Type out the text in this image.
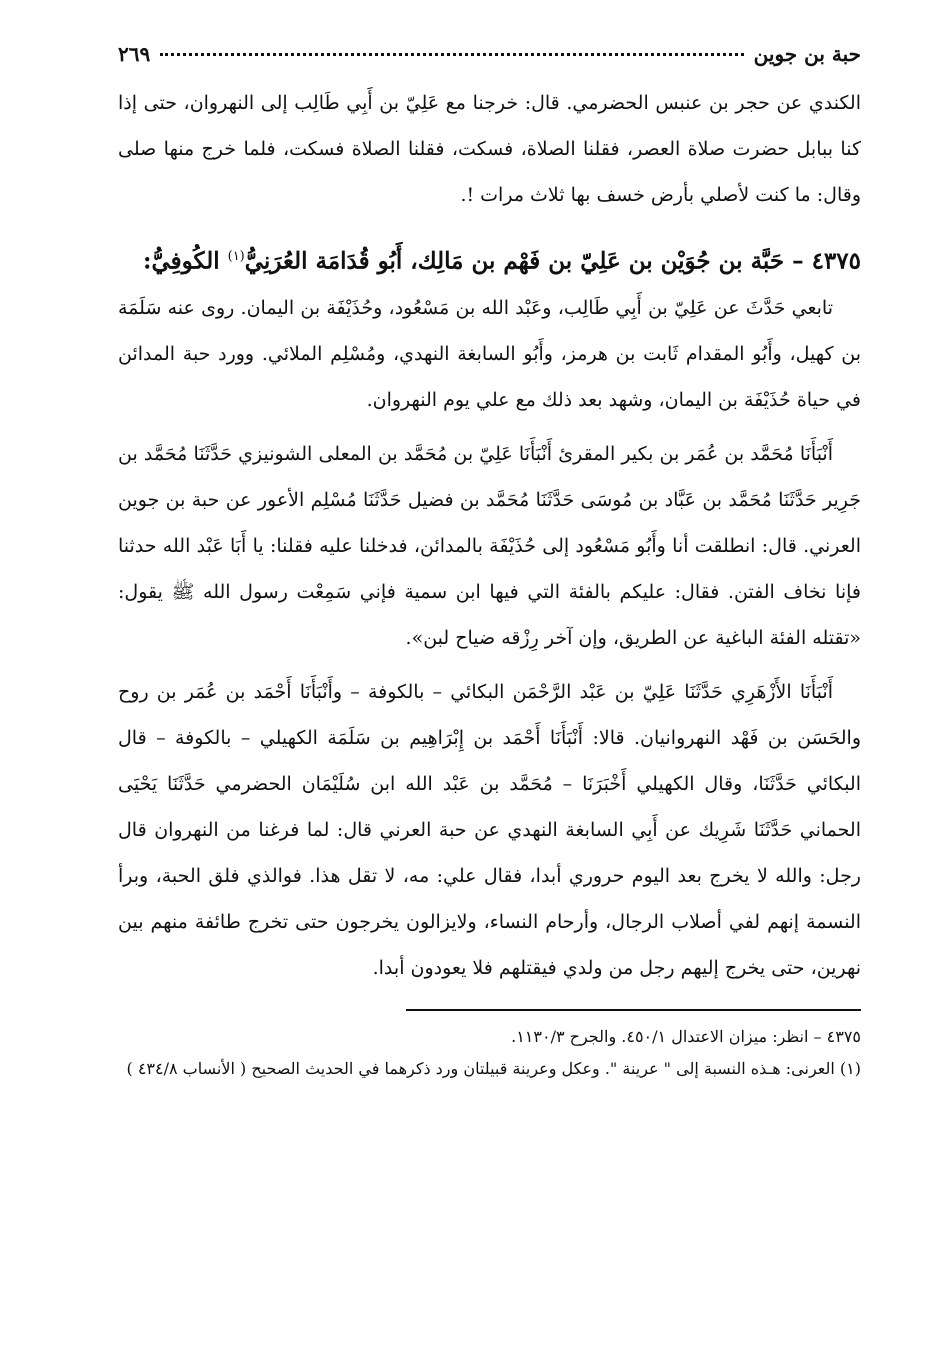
حبة بن جوين
٢٦٩

الكندي عن حجر بن عنبس الحضرمي. قال: خرجنا مع عَلِيّ بن أَبِي طَالِب إلى النهروان، حتى إذا كنا ببابل حضرت صلاة العصر، فقلنا الصلاة، فسكت، فقلنا الصلاة فسكت، فلما خرج منها صلى وقال: ما كنت لأصلي بأرض خسف بها ثلاث مرات !.

٤٣٧٥ – حَبَّة بن جُوَيْن بن عَلِيّ بن فَهْم بن مَالِك، أَبُو قُدَامَة العُرَنِيُّ$^{(١)}$ الكُوفِيُّ:

تابعي حَدَّثَ عن عَلِيّ بن أَبِي طَالِب، وعَبْد الله بن مَسْعُود، وحُذَيْفَة بن اليمان. روى عنه سَلَمَة بن كهيل، وأَبُو المقدام ثَابت بن هرمز، وأَبُو السابغة النهدي، ومُسْلِم الملائي. وورد حبة المدائن في حياة حُذَيْفَة بن اليمان، وشهد بعد ذلك مع علي يوم النهروان.

أَنْبَأَنَا مُحَمَّد بن عُمَر بن بكير المقرئ أَنْبَأَنَا عَلِيّ بن مُحَمَّد بن المعلى الشونيزي حَدَّثَنَا مُحَمَّد بن جَرِير حَدَّثَنَا مُحَمَّد بن عَبَّاد بن مُوسَى حَدَّثَنَا مُحَمَّد بن فضيل حَدَّثَنَا مُسْلِم الأعور عن حبة بن جوين العرني. قال: انطلقت أنا وأَبُو مَسْعُود إلى حُذَيْفَة بالمدائن، فدخلنا عليه فقلنا: يا أَبَا عَبْد الله حدثنا فإنا نخاف الفتن. فقال: عليكم بالفئة التي فيها ابن سمية فإني سَمِعْت رسول الله ﷺ يقول: «تقتله الفئة الباغية عن الطريق، وإن آخر رِزْقه ضياح لبن».

أَنْبَأَنَا الأَزْهَرِي حَدَّثَنَا عَلِيّ بن عَبْد الرَّحْمَن البكائي – بالكوفة – وأَنْبَأَنَا أَحْمَد بن عُمَر بن روح والحَسَن بن فَهْد النهروانيان. قالا: أَنْبَأَنَا أَحْمَد بن إِبْرَاهِيم بن سَلَمَة الكهيلي – بالكوفة – قال البكائي حَدَّثَنَا، وقال الكهيلي أَخْبَرَنَا – مُحَمَّد بن عَبْد الله ابن سُلَيْمَان الحضرمي حَدَّثَنَا يَحْيَى الحماني حَدَّثَنَا شَرِيك عن أَبِي السابغة النهدي عن حبة العرني قال: لما فرغنا من النهروان قال رجل: والله لا يخرج بعد اليوم حروري أبدا، فقال علي: مه، لا تقل هذا. فوالذي فلق الحبة، وبرأ النسمة إنهم لفي أصلاب الرجال، وأرحام النساء، ولايزالون يخرجون حتى تخرج طائفة منهم بين نهرين، حتى يخرج إليهم رجل من ولدي فيقتلهم فلا يعودون أبدا.

٤٣٧٥ – انظر: ميزان الاعتدال ٤٥٠/١. والجرح ١١٣٠/٣.

(١) العرنى: هـذه النسبة إلى " عرينة ". وعكل وعرينة قبيلتان ورد ذكرهما في الحديث الصحيح ( الأنساب ٤٣٤/٨ )
